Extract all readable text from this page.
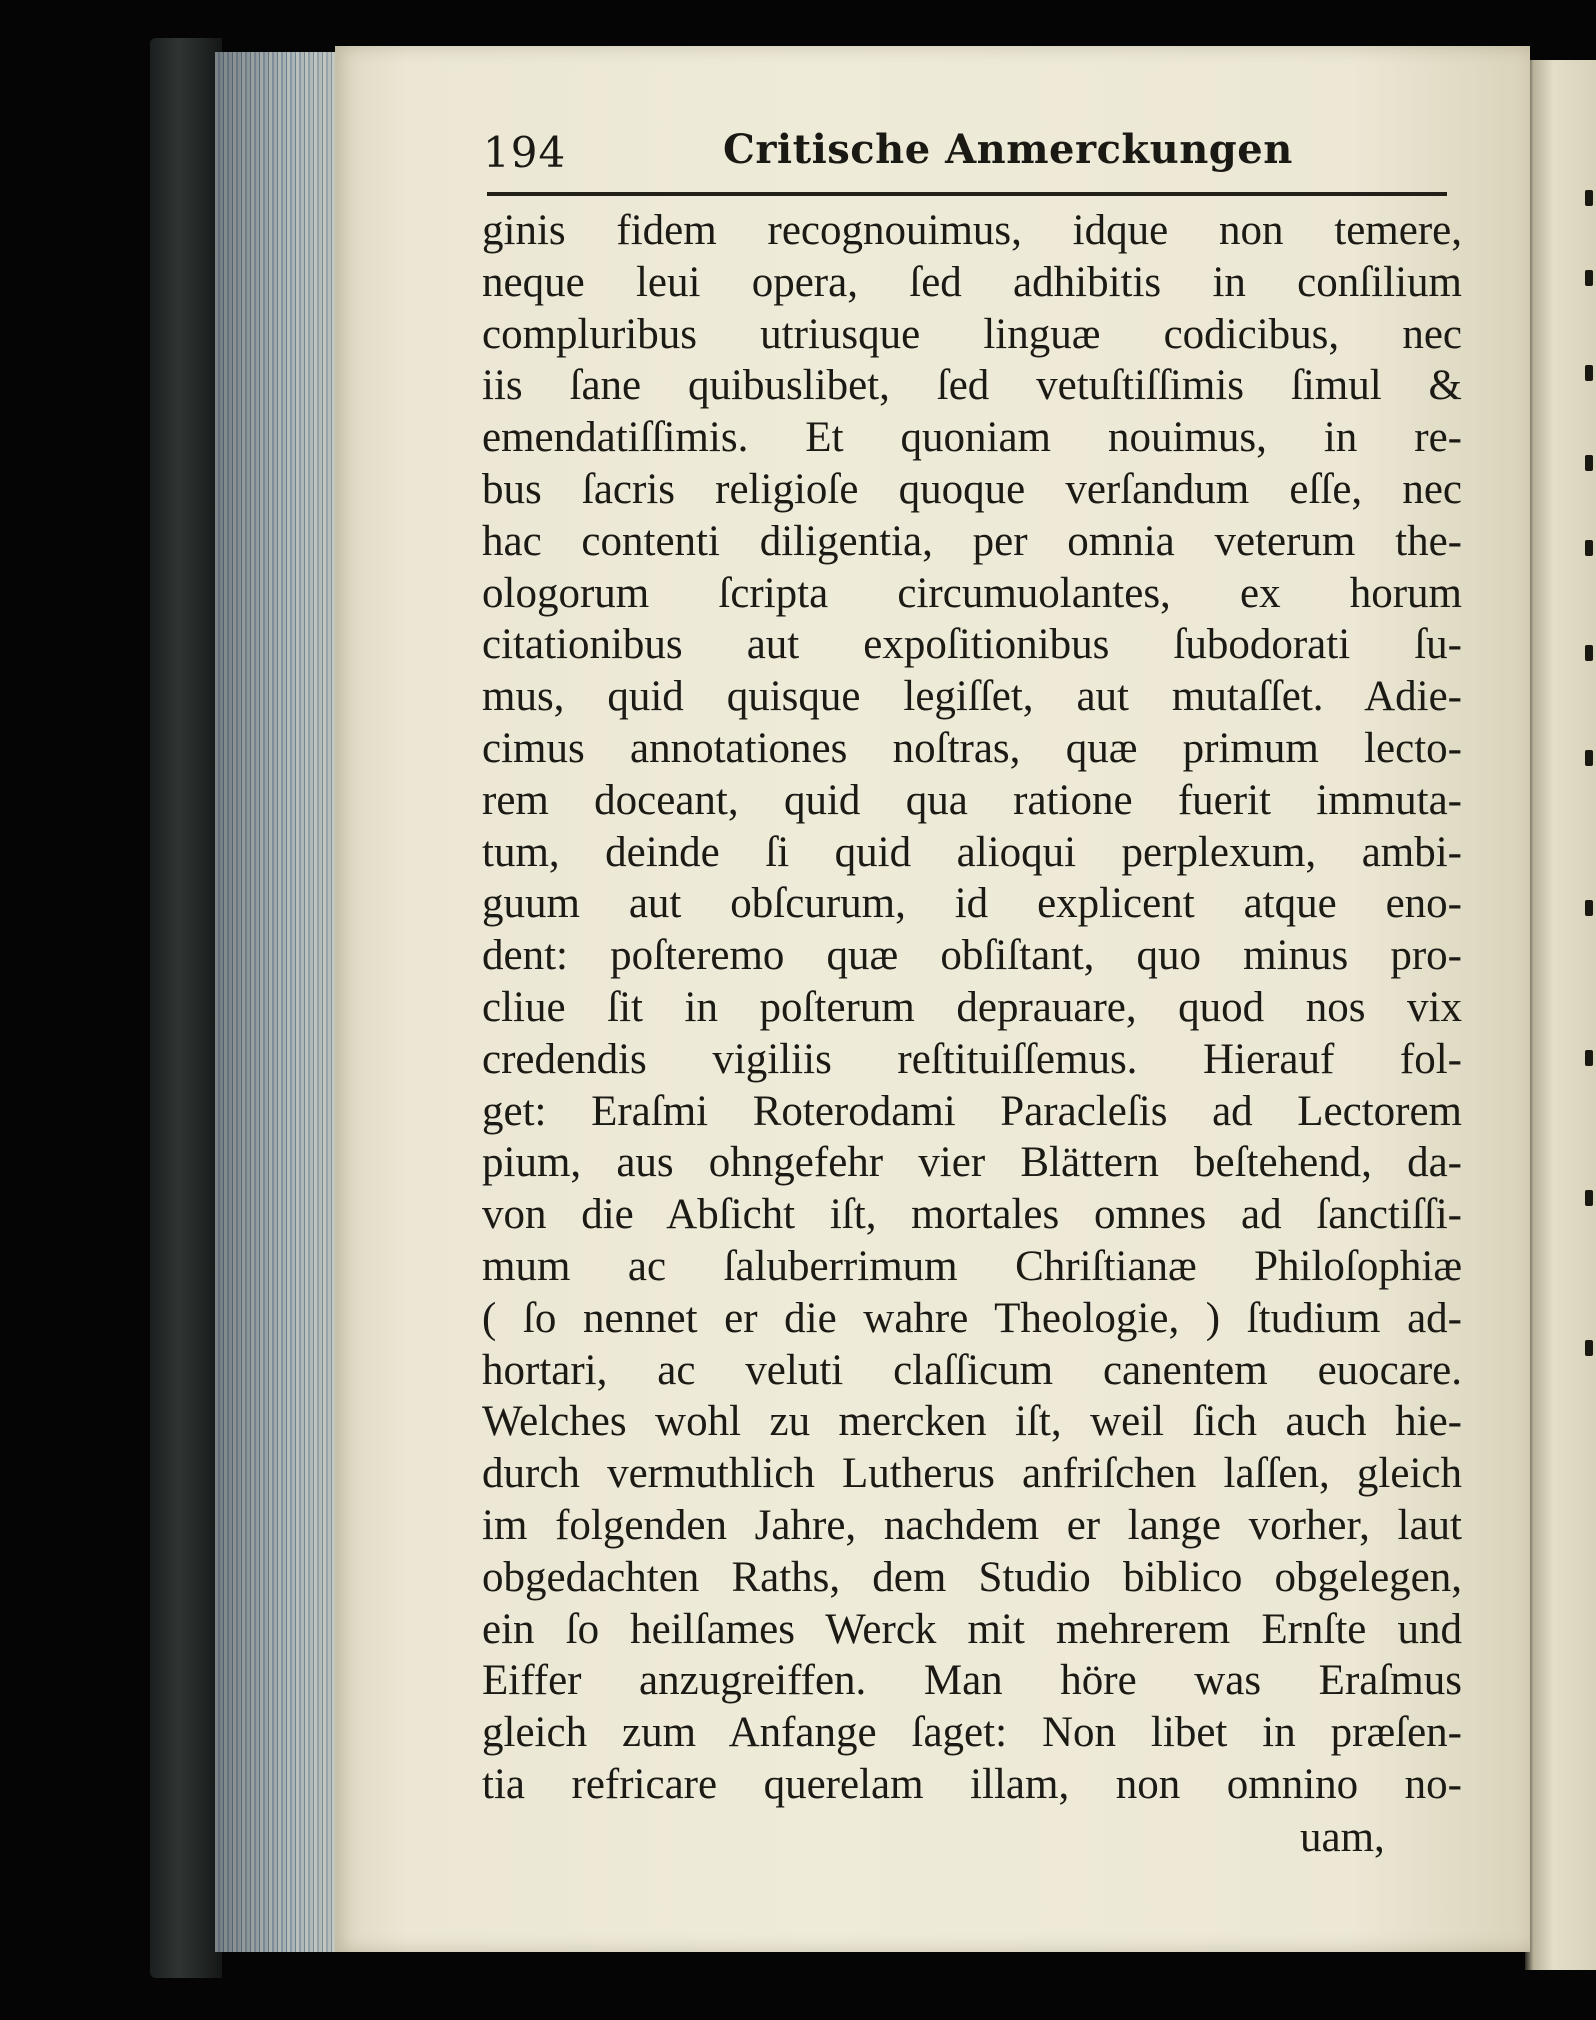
194	Critische Anmerckungen
ginis fidem recognouimus, idque non temere,
neque leui opera, ſed adhibitis in conſilium
compluribus utriusque linguæ codicibus, nec
iis ſane quibuslibet, ſed vetuſtiſſimis ſimul &
emendatiſſimis. Et quoniam nouimus, in re-
bus ſacris religioſe quoque verſandum eſſe, nec
hac contenti diligentia, per omnia veterum the-
ologorum ſcripta circumuolantes, ex horum
citationibus aut expoſitionibus ſubodorati ſu-
mus, quid quisque legiſſet, aut mutaſſet. Adie-
cimus annotationes noſtras, quæ primum lecto-
rem doceant, quid qua ratione fuerit immuta-
tum, deinde ſi quid alioqui perplexum, ambi-
guum aut obſcurum, id explicent atque eno-
dent: poſteremo quæ obſiſtant, quo minus pro-
cliue ſit in poſterum deprauare, quod nos vix
credendis vigiliis reſtituiſſemus. Hierauf fol-
get: Eraſmi Roterodami Paracleſis ad Lectorem
pium, aus ohngefehr vier Blättern beſtehend, da-
von die Abſicht iſt, mortales omnes ad ſanctiſſi-
mum ac ſaluberrimum Chriſtianæ Philoſophiæ
( ſo nennet er die wahre Theologie, ) ſtudium ad-
hortari, ac veluti claſſicum canentem euocare.
Welches wohl zu mercken iſt, weil ſich auch hie-
durch vermuthlich Lutherus anfriſchen laſſen, gleich
im folgenden Jahre, nachdem er lange vorher, laut
obgedachten Raths, dem Studio biblico obgelegen,
ein ſo heilſames Werck mit mehrerem Ernſte und
Eiffer anzugreiffen. Man höre was Eraſmus
gleich zum Anfange ſaget: Non libet in præſen-
tia refricare querelam illam, non omnino no-
uam,
